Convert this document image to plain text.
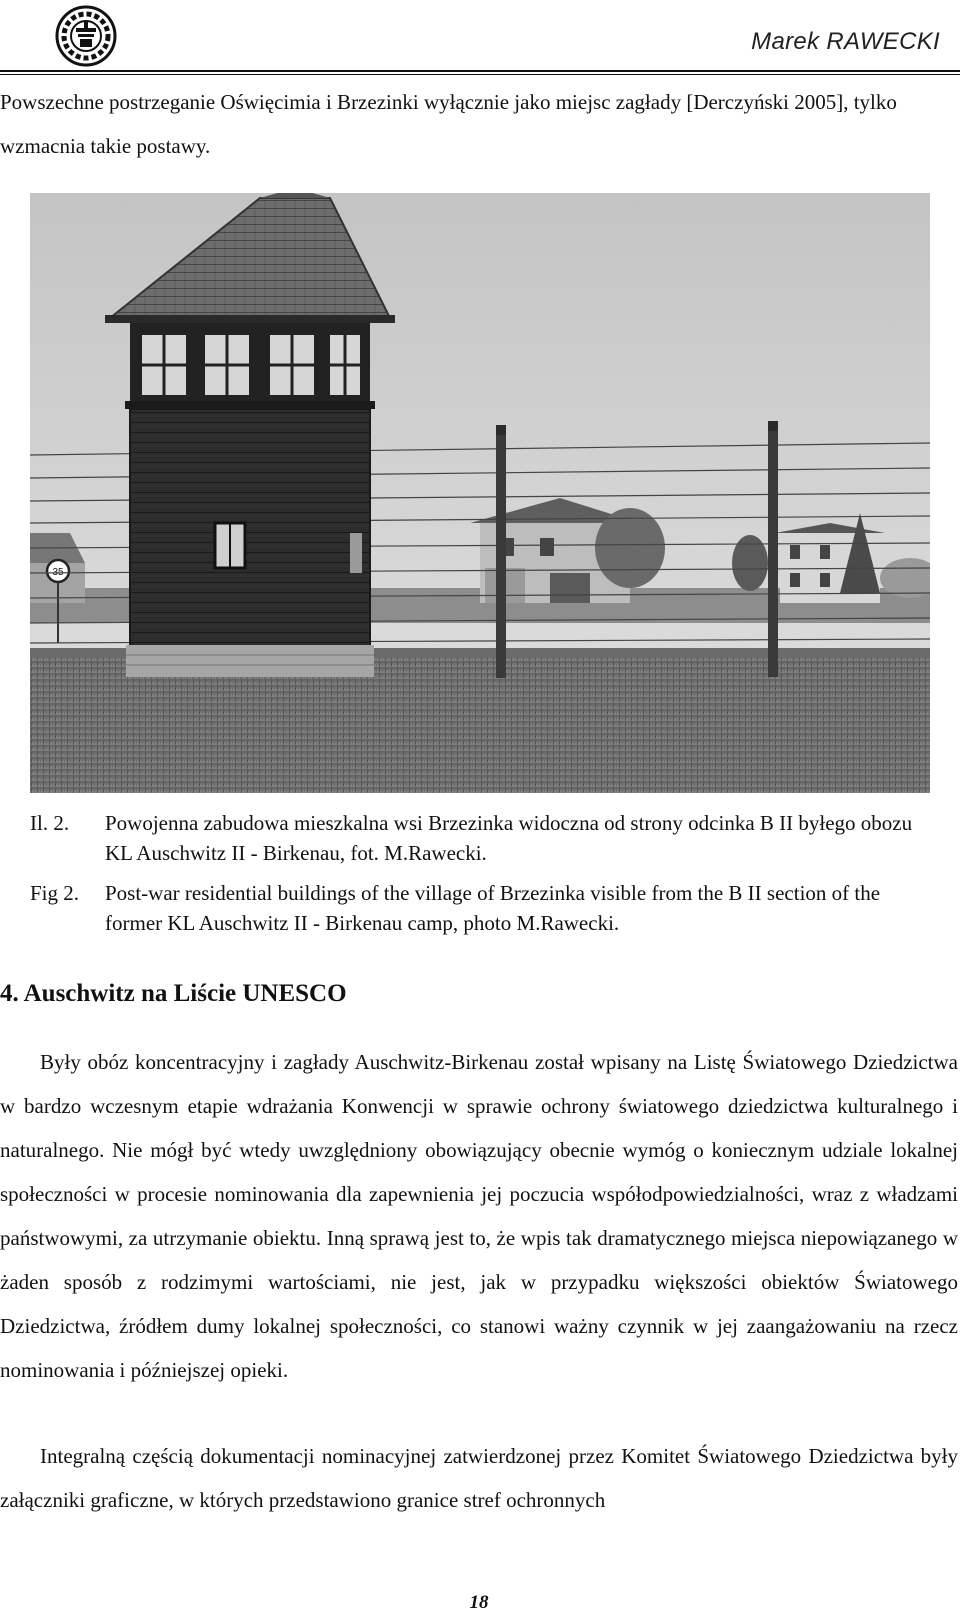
Marek RAWECKI
Powszechne postrzeganie Oświęcimia i Brzezinki wyłącznie jako miejsc zagłady [Derczyński 2005], tylko wzmacnia takie postawy.
35
Il. 2. Powojenna zabudowa mieszkalna wsi Brzezinka widoczna od strony odcinka B II byłego obozu KL Auschwitz II - Birkenau, fot. M.Rawecki.
Fig 2. Post-war residential buildings of the village of Brzezinka visible from the B II section of the former KL Auschwitz II - Birkenau camp, photo M.Rawecki.
4. Auschwitz na Liście UNESCO
Były obóz koncentracyjny i zagłady Auschwitz-Birkenau został wpisany na Listę Światowego Dziedzictwa w bardzo wczesnym etapie wdrażania Konwencji w sprawie ochrony światowego dziedzictwa kulturalnego i naturalnego. Nie mógł być wtedy uwzględniony obowiązujący obecnie wymóg o koniecznym udziale lokalnej społeczności w procesie nominowania dla zapewnienia jej poczucia współodpowiedzialności, wraz z władzami państwowymi, za utrzymanie obiektu. Inną sprawą jest to, że wpis tak dramatycznego miejsca niepowiązanego w żaden sposób z rodzimymi wartościami, nie jest, jak w przypadku większości obiektów Światowego Dziedzictwa, źródłem dumy lokalnej społeczności, co stanowi ważny czynnik w jej zaangażowaniu na rzecz nominowania i późniejszej opieki.
Integralną częścią dokumentacji nominacyjnej zatwierdzonej przez Komitet Światowego Dziedzictwa były załączniki graficzne, w których przedstawiono granice stref ochronnych
18
